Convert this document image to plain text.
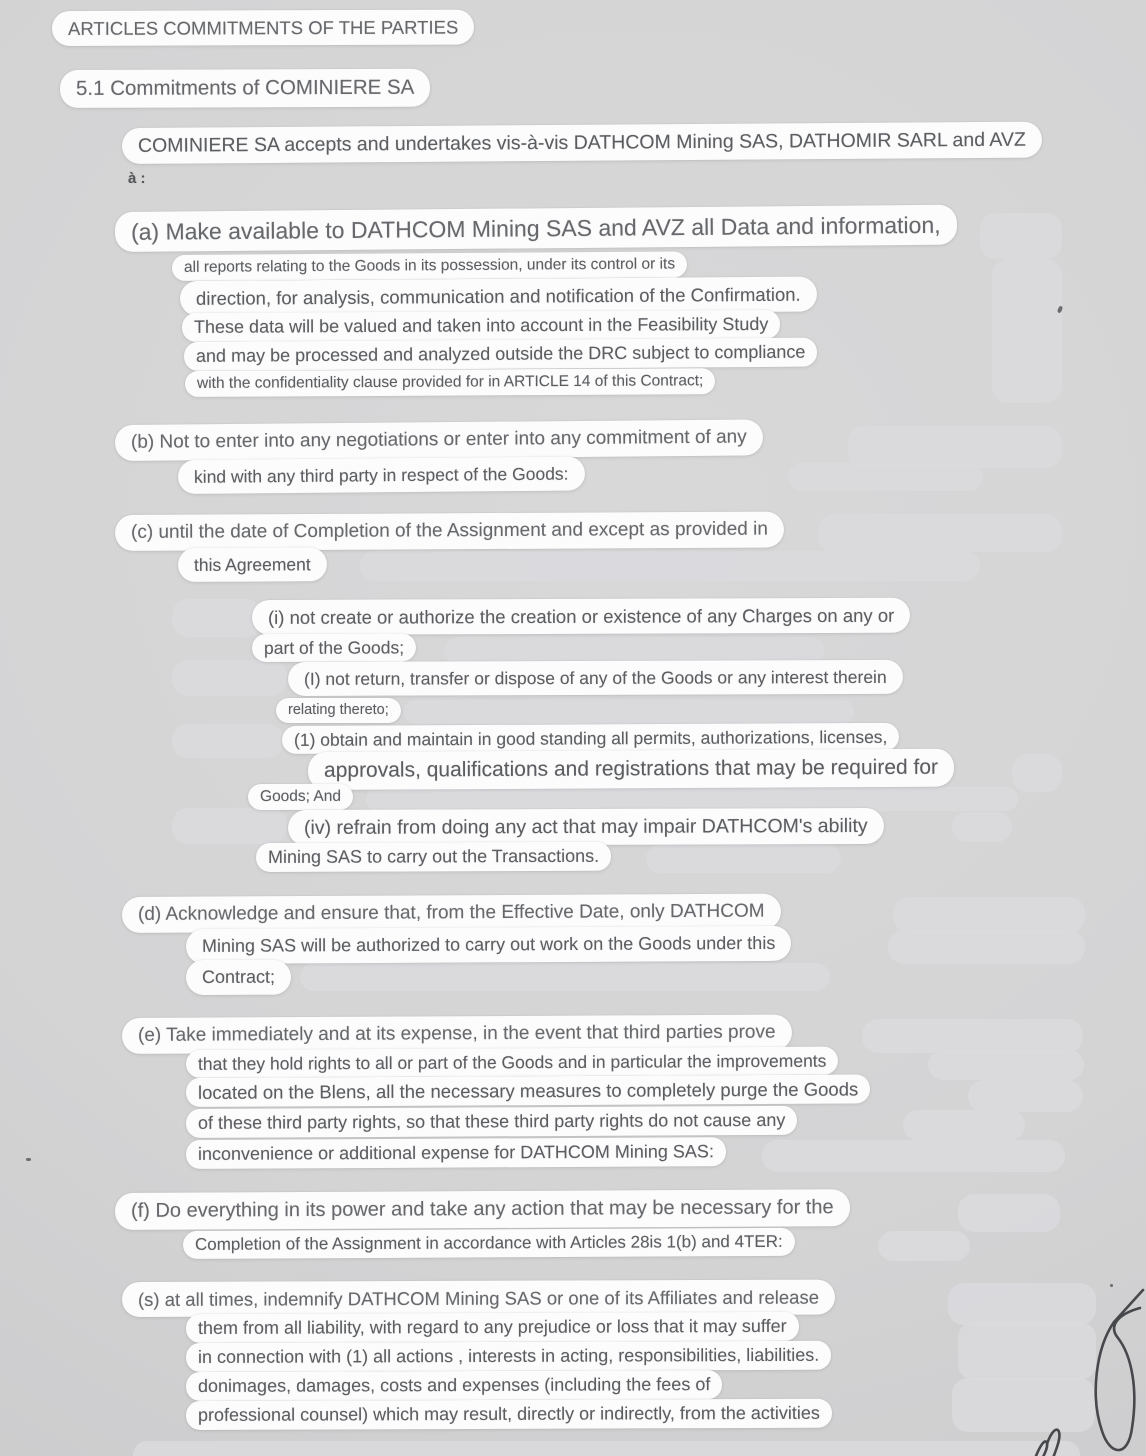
ARTICLES COMMITMENTS OF THE PARTIES
5.1 Commitments of COMINIERE SA
COMINIERE SA accepts and undertakes vis-à-vis DATHCOM Mining SAS, DATHOMIR SARL and AVZ
à :
(a) Make available to DATHCOM Mining SAS and AVZ all Data and information,
all reports relating to the Goods in its possession, under its control or its
direction, for analysis, communication and notification of the Confirmation.
These data will be valued and taken into account in the Feasibility Study
and may be processed and analyzed outside the DRC subject to compliance
with the confidentiality clause provided for in ARTICLE 14 of this Contract;
(b) Not to enter into any negotiations or enter into any commitment of any
kind with any third party in respect of the Goods:
(c) until the date of Completion of the Assignment and except as provided in
this Agreement
(i) not create or authorize the creation or existence of any Charges on any or
part of the Goods;
(I) not return, transfer or dispose of any of the Goods or any interest therein
relating thereto;
(1) obtain and maintain in good standing all permits, authorizations, licenses,
approvals, qualifications and registrations that may be required for
Goods; And
(iv) refrain from doing any act that may impair DATHCOM's ability
Mining SAS to carry out the Transactions.
(d) Acknowledge and ensure that, from the Effective Date, only DATHCOM
Mining SAS will be authorized to carry out work on the Goods under this
Contract;
(e) Take immediately and at its expense, in the event that third parties prove
that they hold rights to all or part of the Goods and in particular the improvements
located on the Blens, all the necessary measures to completely purge the Goods
of these third party rights, so that these third party rights do not cause any
inconvenience or additional expense for DATHCOM Mining SAS:
(f) Do everything in its power and take any action that may be necessary for the
Completion of the Assignment in accordance with Articles 28is 1(b) and 4TER:
(s) at all times, indemnify DATHCOM Mining SAS or one of its Affiliates and release
them from all liability, with regard to any prejudice or loss that it may suffer
in connection with (1) all actions , interests in acting, responsibilities, liabilities.
donimages, damages, costs and expenses (including the fees of
professional counsel) which may result, directly or indirectly, from the activities
